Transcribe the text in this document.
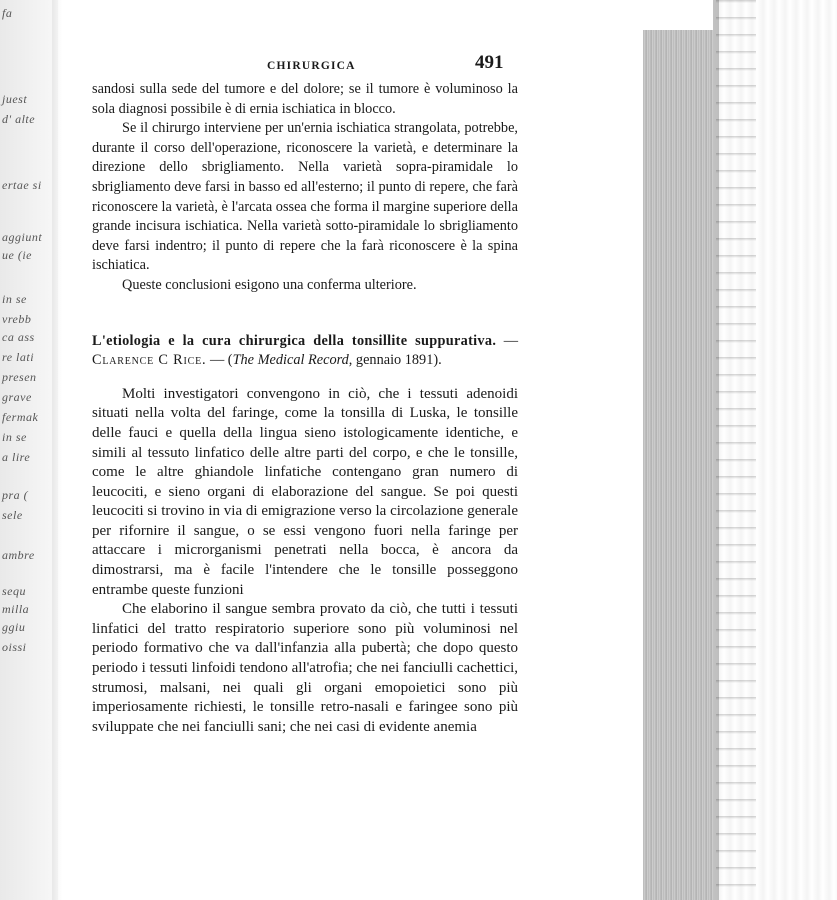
fa
juest
d' alte
ertae si
aggiunt
ue (ie
in se
vrebb
ca ass
re lati
presen
grave
fermak
in se
a lire
pra (
sele
ambre
sequ
milla
ggiu
oissi
CHIRURGICA	491

sandosi sulla sede del tumore e del dolore; se il tumore è voluminoso la sola diagnosi possibile è di ernia ischiatica in blocco.

Se il chirurgo interviene per un'ernia ischiatica strangolata, potrebbe, durante il corso dell'operazione, riconoscere la varietà, e determinare la direzione dello sbrigliamento. Nella varietà sopra-piramidale lo sbrigliamento deve farsi in basso ed all'esterno; il punto di repere, che farà riconoscere la varietà, è l'arcata ossea che forma il margine superiore della grande incisura ischiatica. Nella varietà sotto-piramidale lo sbrigliamento deve farsi indentro; il punto di repere che la farà riconoscere è la spina ischiatica.

Queste conclusioni esigono una conferma ulteriore.

L'etiologia e la cura chirurgica della tonsillite suppurativa. — Clarence C Rice. — (The Medical Record, gennaio 1891).

Molti investigatori convengono in ciò, che i tessuti adenoidi situati nella volta del faringe, come la tonsilla di Luska, le tonsille delle fauci e quella della lingua sieno istologicamente identiche, e simili al tessuto linfatico delle altre parti del corpo, e che le tonsille, come le altre ghiandole linfatiche contengano gran numero di leucociti, e sieno organi di elaborazione del sangue. Se poi questi leucociti si trovino in via di emigrazione verso la circolazione generale per rifornire il sangue, o se essi vengono fuori nella faringe per attaccare i microrganismi penetrati nella bocca, è ancora da dimostrarsi, ma è facile l'intendere che le tonsille posseggono entrambe queste funzioni

Che elaborino il sangue sembra provato da ciò, che tutti i tessuti linfatici del tratto respiratorio superiore sono più voluminosi nel periodo formativo che va dall'infanzia alla pubertà; che dopo questo periodo i tessuti linfoidi tendono all'atrofia; che nei fanciulli cachettici, strumosi, malsani, nei quali gli organi emopoietici sono più imperiosamente richiesti, le tonsille retro-nasali e faringee sono più sviluppate che nei fanciulli sani; che nei casi di evidente anemia
